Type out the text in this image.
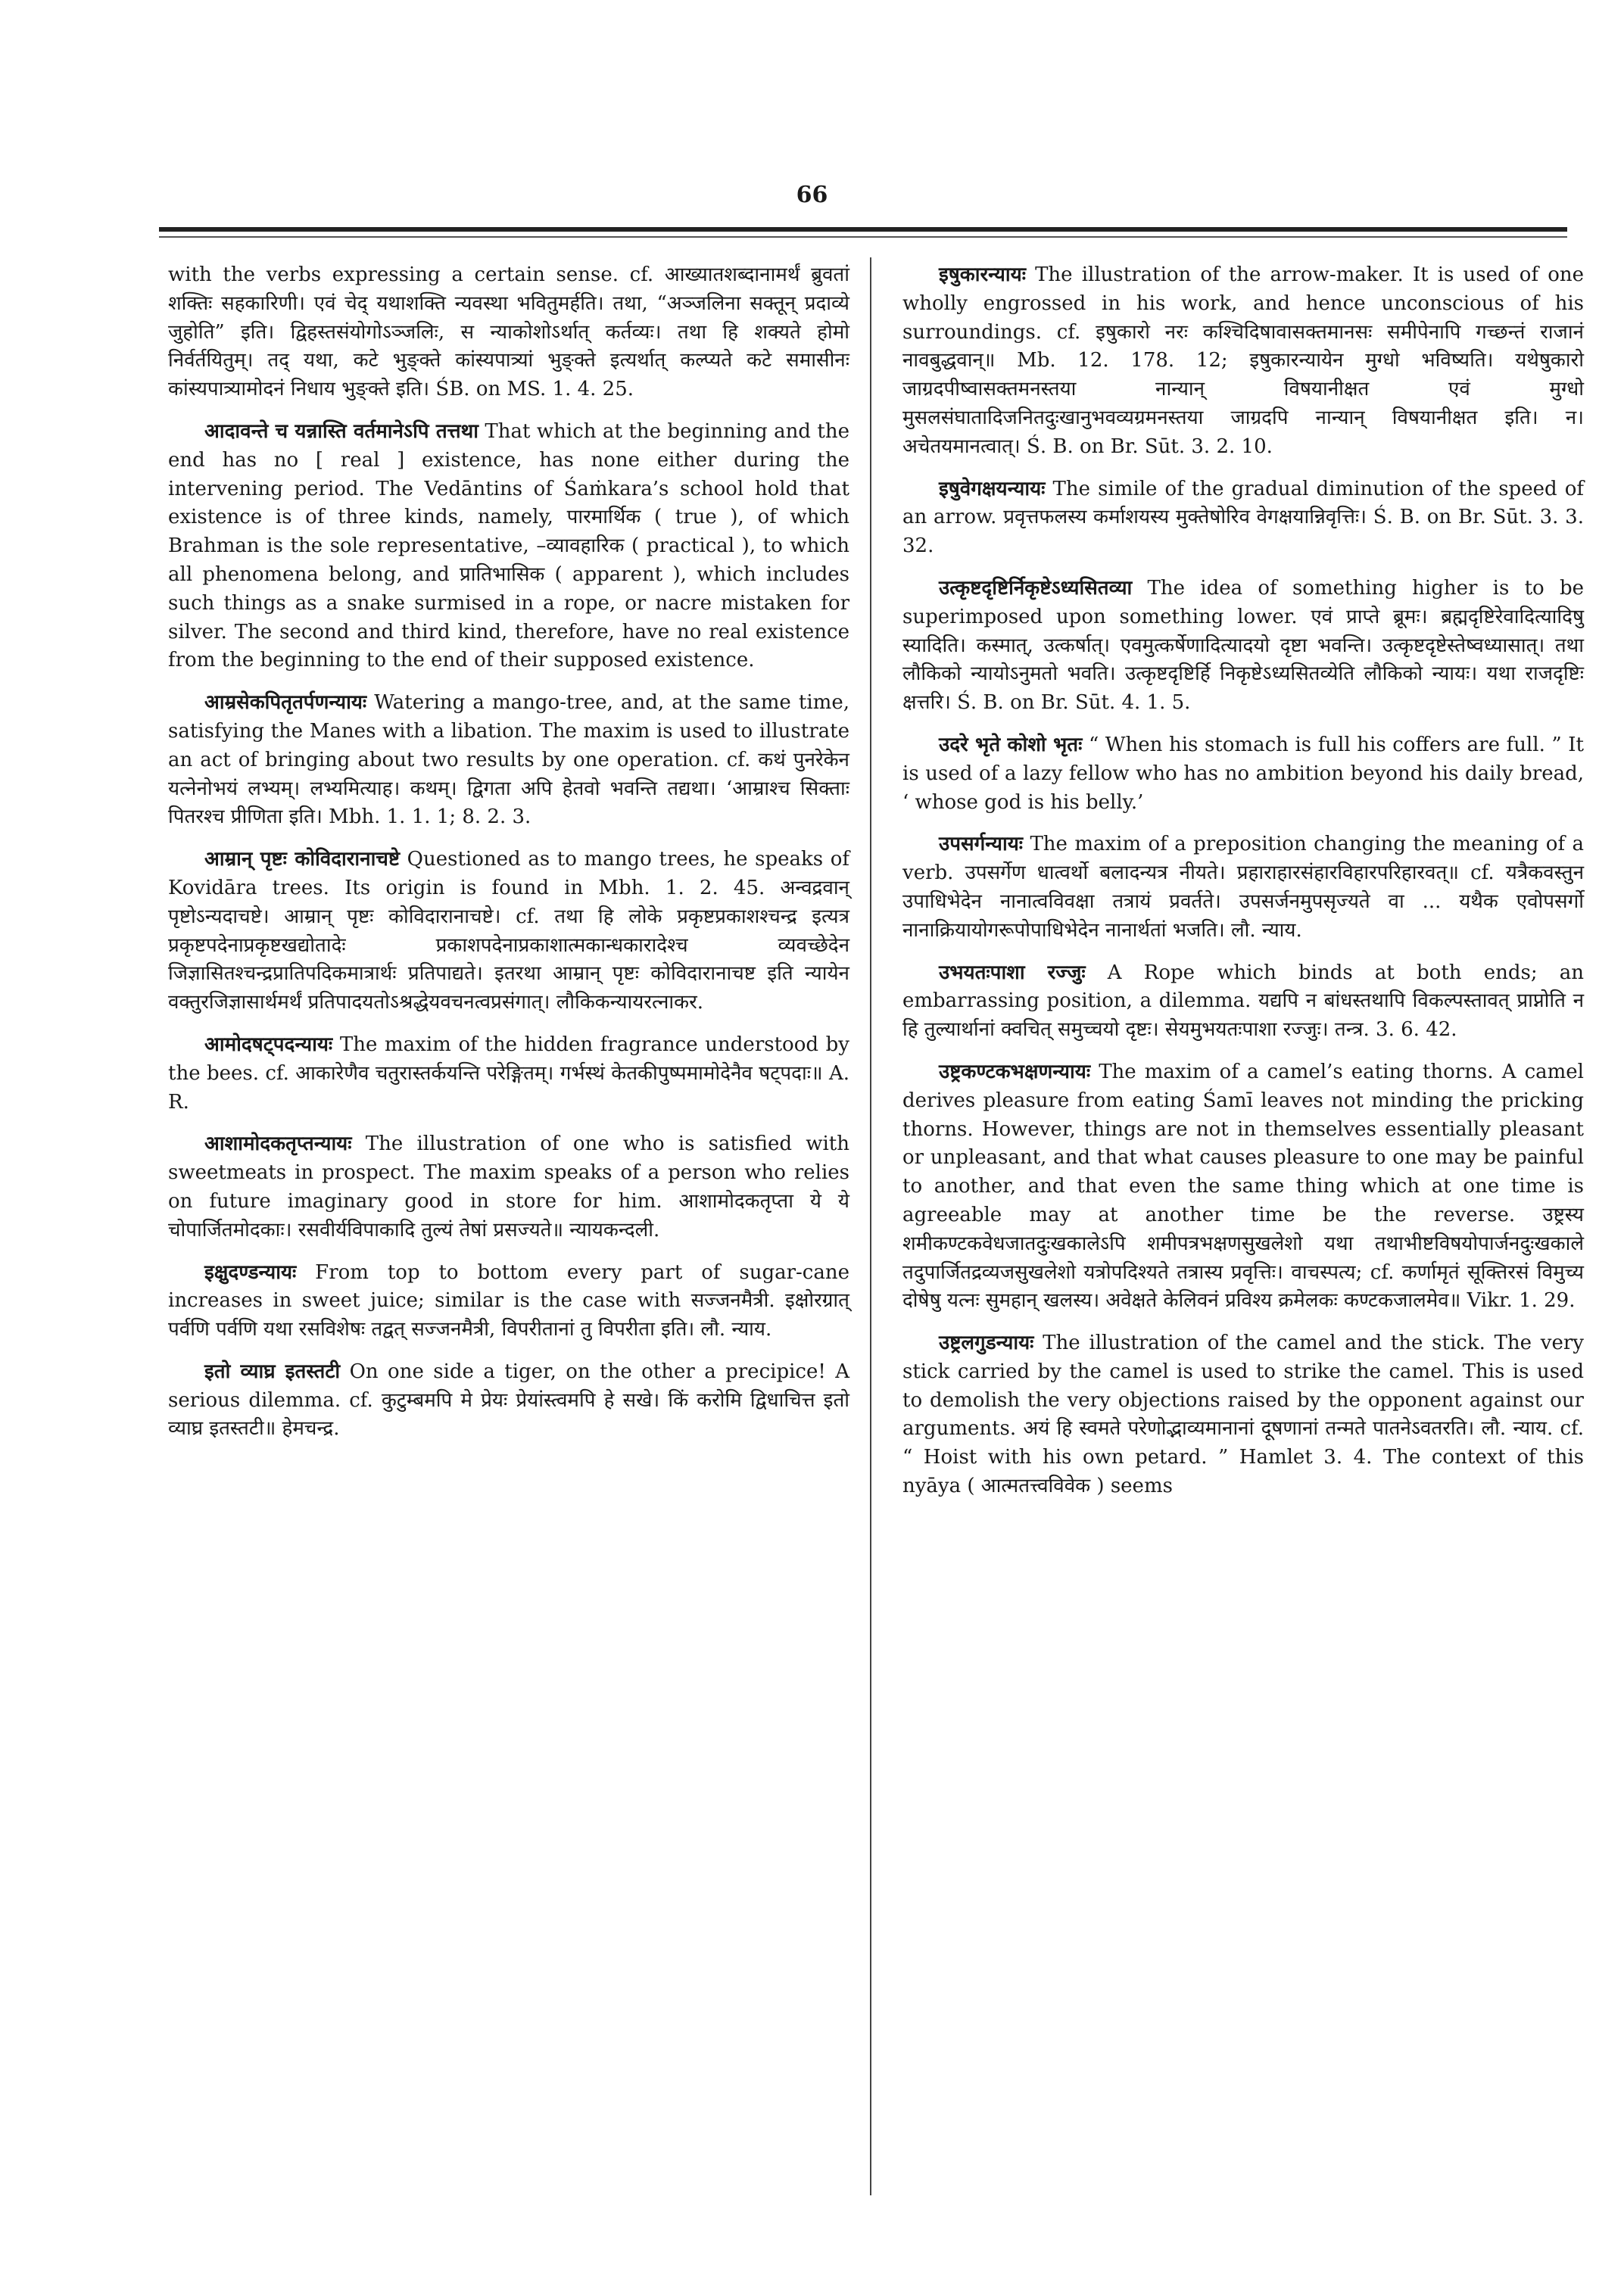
66

with the verbs expressing a certain sense. cf. आख्यातशब्दानामर्थं ब्रुवतां शक्तिः सहकारिणी। एवं चेद् यथाशक्ति न्यवस्था भवितुमर्हति। तथा, “अञ्जलिना सक्तून् प्रदाव्ये जुहोति” इति। द्विहस्तसंयोगोऽञ्जलिः, स न्याकोशोऽर्थात् कर्तव्यः। तथा हि शक्यते होमो निर्वर्तयितुम्। तद् यथा, कटे भुङ्क्ते कांस्यपात्र्यां भुङ्क्ते इत्यर्थात् कल्प्यते कटे समासीनः कांस्यपात्र्यामोदनं निधाय भुङ्क्ते इति। ŚB. on MS. 1. 4. 25.

आदावन्ते च यन्नास्ति वर्तमानेऽपि तत्तथा That which at the beginning and the end has no [ real ] existence, has none either during the intervening period. The Vedāntins of Śaṁkara’s school hold that existence is of three kinds, namely, पारमार्थिक ( true ), of which Brahman is the sole representative, –व्यावहारिक ( practical ), to which all phenomena belong, and प्रातिभासिक ( apparent ), which includes such things as a snake surmised in a rope, or nacre mistaken for silver. The second and third kind, therefore, have no real existence from the beginning to the end of their supposed existence.

आम्रसेकपितृतर्पणन्यायः Watering a mango-tree, and, at the same time, satisfying the Manes with a libation. The maxim is used to illustrate an act of bringing about two results by one operation. cf. कथं पुनरेकेन यत्नेनोभयं लभ्यम्। लभ्यमित्याह। कथम्। द्विगता अपि हेतवो भवन्ति तद्यथा। ‘आम्राश्च सिक्ताः पितरश्च प्रीणिता इति। Mbh. 1. 1. 1; 8. 2. 3.

आम्रान् पृष्टः कोविदारानाचष्टे Questioned as to mango trees, he speaks of Kovidāra trees. Its origin is found in Mbh. 1. 2. 45. अन्वद्रवान् पृष्टोऽन्यदाचष्टे। आम्रान् पृष्टः कोविदारानाचष्टे। cf. तथा हि लोके प्रकृष्टप्रकाशश्चन्द्र इत्यत्र प्रकृष्टपदेनाप्रकृष्टखद्योतादेः प्रकाशपदेनाप्रकाशात्मकान्धकारादेश्च व्यवच्छेदेन जिज्ञासितश्चन्द्रप्रातिपदिकमात्रार्थः प्रतिपाद्यते। इतरथा आम्रान् पृष्टः कोविदारानाचष्ट इति न्यायेन वक्तुरजिज्ञासार्थमर्थं प्रतिपादयतोऽश्रद्धेयवचनत्वप्रसंगात्। लौकिकन्यायरत्नाकर.

आमोदषट्पदन्यायः The maxim of the hidden fragrance understood by the bees. cf. आकारेणैव चतुरास्तर्कयन्ति परेङ्गितम्। गर्भस्थं केतकीपुष्पमामोदेनैव षट्पदाः॥ A. R.

आशामोदकतृप्तन्यायः The illustration of one who is satisfied with sweetmeats in prospect. The maxim speaks of a person who relies on future imaginary good in store for him. आशामोदकतृप्ता ये ये चोपार्जितमोदकाः। रसवीर्यविपाकादि तुल्यं तेषां प्रसज्यते॥ न्यायकन्दली.

इक्षुदण्डन्यायः From top to bottom every part of sugar-cane increases in sweet juice; similar is the case with सज्जनमैत्री. इक्षोरग्रात् पर्वणि पर्वणि यथा रसविशेषः तद्वत् सज्जनमैत्री, विपरीतानां तु विपरीता इति। लौ. न्याय.

इतो व्याघ्र इतस्तटी On one side a tiger, on the other a precipice! A serious dilemma. cf. कुटुम्बमपि मे प्रेयः प्रेयांस्त्वमपि हे सखे। किं करोमि द्विधाचित्त इतो व्याघ्र इतस्तटी॥ हेमचन्द्र.

इषुकारन्यायः The illustration of the arrow-maker. It is used of one wholly engrossed in his work, and hence unconscious of his surroundings. cf. इषुकारो नरः कश्चिदिषावासक्तमानसः समीपेनापि गच्छन्तं राजानं नावबुद्धवान्॥ Mb. 12. 178. 12; इषुकारन्यायेन मुग्धो भविष्यति। यथेषुकारो जाग्रदपीष्वासक्तमनस्तया नान्यान् विषयानीक्षत एवं मुग्धो मुसलसंघातादिजनितदुःखानुभवव्यग्रमनस्तया जाग्रदपि नान्यान् विषयानीक्षत इति। न। अचेतयमानत्वात्। Ś. B. on Br. Sūt. 3. 2. 10.

इषुवेगक्षयन्यायः The simile of the gradual diminution of the speed of an arrow. प्रवृत्तफलस्य कर्माशयस्य मुक्तेषोरिव वेगक्षयान्निवृत्तिः। Ś. B. on Br. Sūt. 3. 3. 32.

उत्कृष्टदृष्टिर्निकृष्टेऽध्यसितव्या The idea of something higher is to be superimposed upon something lower. एवं प्राप्ते ब्रूमः। ब्रह्मदृष्टिरेवादित्यादिषु स्यादिति। कस्मात्, उत्कर्षात्। एवमुत्कर्षेणादित्यादयो दृष्टा भवन्ति। उत्कृष्टदृष्टेस्तेष्वध्यासात्। तथा लौकिको न्यायोऽनुमतो भवति। उत्कृष्टदृष्टिर्हि निकृष्टेऽध्यसितव्येति लौकिको न्यायः। यथा राजदृष्टिः क्षत्तरि। Ś. B. on Br. Sūt. 4. 1. 5.

उदरे भृते कोशो भृतः “ When his stomach is full his coffers are full. ” It is used of a lazy fellow who has no ambition beyond his daily bread, ‘ whose god is his belly.’

उपसर्गन्यायः The maxim of a preposition changing the meaning of a verb. उपसर्गेण धात्वर्थो बलादन्यत्र नीयते। प्रहाराहारसंहारविहारपरिहारवत्॥ cf. यत्रैकवस्तुन उपाधिभेदेन नानात्वविवक्षा तत्रायं प्रवर्तते। उपसर्जनमुपसृज्यते वा ... यथैक एवोपसर्गो नानाक्रियायोगरूपोपाधिभेदेन नानार्थतां भजति। लौ. न्याय.

उभयतःपाशा रज्जुः A Rope which binds at both ends; an embarrassing position, a dilemma. यद्यपि न बांधस्तथापि विकल्पस्तावत् प्राप्नोति न हि तुल्यार्थानां क्वचित् समुच्चयो दृष्टः। सेयमुभयतःपाशा रज्जुः। तन्त्र. 3. 6. 42.

उष्ट्रकण्टकभक्षणन्यायः The maxim of a camel’s eating thorns. A camel derives pleasure from eating Śamī leaves not minding the pricking thorns. However, things are not in themselves essentially pleasant or unpleasant, and that what causes pleasure to one may be painful to another, and that even the same thing which at one time is agreeable may at another time be the reverse. उष्ट्रस्य शमीकण्टकवेधजातदुःखकालेऽपि शमीपत्रभक्षणसुखलेशो यथा तथाभीष्टविषयोपार्जनदुःखकाले तदुपार्जितद्रव्यजसुखलेशो यत्रोपदिश्यते तत्रास्य प्रवृत्तिः। वाचस्पत्य; cf. कर्णामृतं सूक्तिरसं विमुच्य दोषेषु यत्नः सुमहान् खलस्य। अवेक्षते केलिवनं प्रविश्य क्रमेलकः कण्टकजालमेव॥ Vikr. 1. 29.

उष्ट्रलगुडन्यायः The illustration of the camel and the stick. The very stick carried by the camel is used to strike the camel. This is used to demolish the very objections raised by the opponent against our arguments. अयं हि स्वमते परेणोद्भाव्यमानानां दूषणानां तन्मते पातनेऽवतरति। लौ. न्याय. cf. “ Hoist with his own petard. ” Hamlet 3. 4. The context of this nyāya ( आत्मतत्त्वविवेक ) seems
